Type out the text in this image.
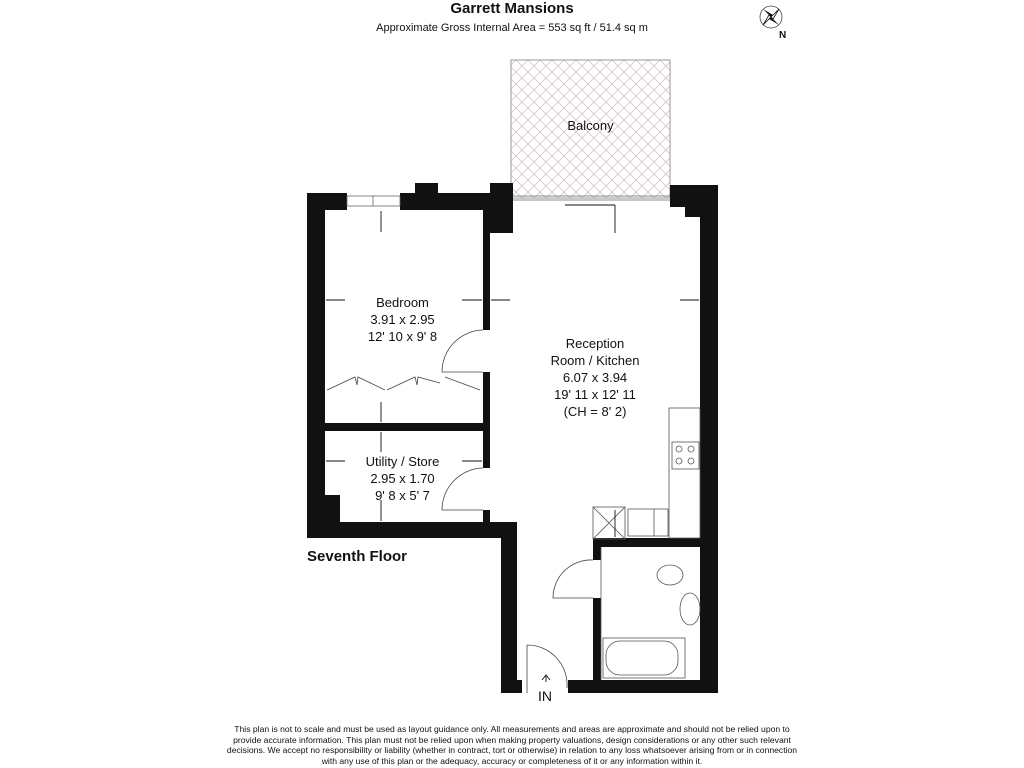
Garrett Mansions
Approximate Gross Internal Area = 553 sq ft / 51.4 sq m
Balcony
Bedroom
3.91 x 2.95
12' 10 x 9' 8	Reception
Room / Kitchen
6.07 x 3.94
19' 11 x 12' 11
(CH = 8' 2)
Utility / Store
2.95 x 1.70
9' 8 x 5' 7
Seventh Floor
IN
N
This plan is not to scale and must be used as layout guidance only. All measurements and areas are approximate and should not be relied upon to provide accurate information. This plan must not be relied upon when making property valuations, design considerations or any other such relevant decisions. We accept no responsibility or liability (whether in contract, tort or otherwise) in relation to any loss whatsoever arising from or in connection with any use of this plan or the adequacy, accuracy or completeness of it or any information within it.
